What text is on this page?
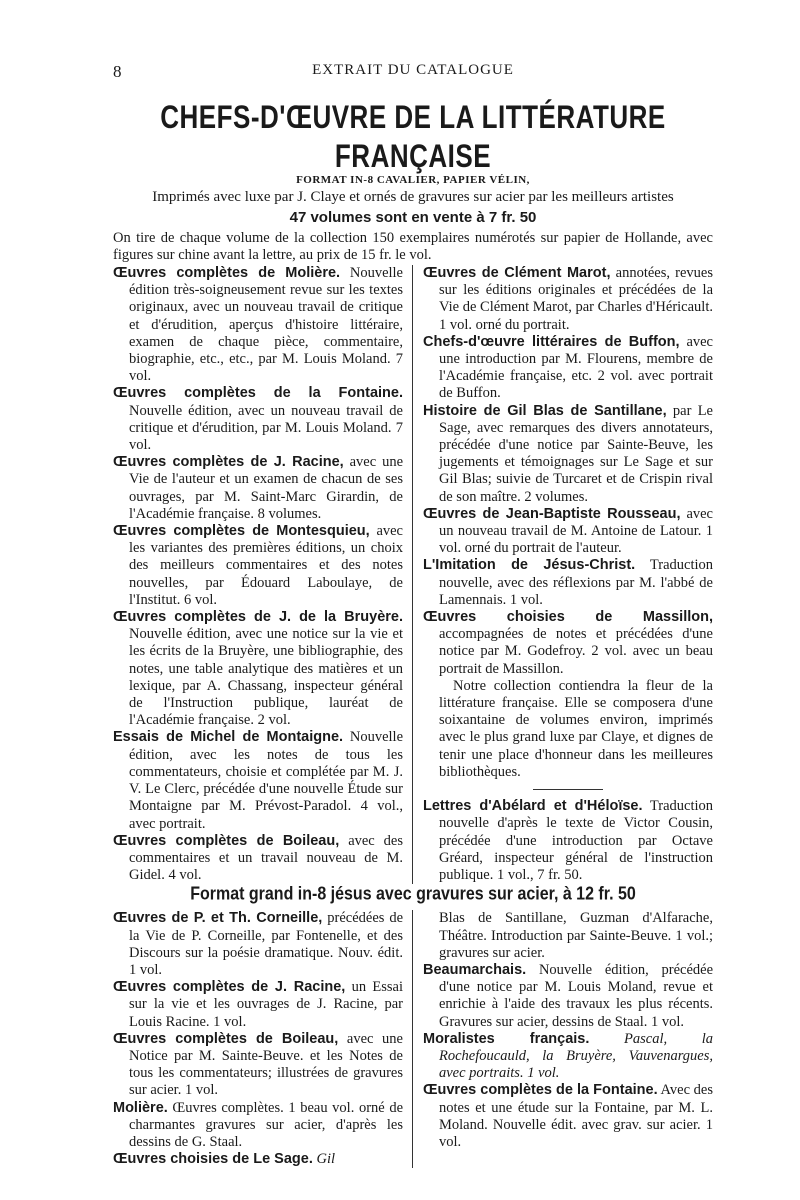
8	EXTRAIT DU CATALOGUE
CHEFS-D'ŒUVRE DE LA LITTÉRATURE FRANÇAISE
FORMAT IN-8 CAVALIER, PAPIER VÉLIN,
Imprimés avec luxe par J. Claye et ornés de gravures sur acier par les meilleurs artistes
47 volumes sont en vente à 7 fr. 50
On tire de chaque volume de la collection 150 exemplaires numérotés sur papier de Hollande, avec figures sur chine avant la lettre, au prix de 15 fr. le vol.

Œuvres complètes de Molière. Nouvelle édition très-soigneusement revue sur les textes originaux, avec un nouveau travail de critique et d'érudition, aperçus d'histoire littéraire, examen de chaque pièce, commentaire, biographie, etc., etc., par M. Louis Moland. 7 vol.

Œuvres complètes de la Fontaine. Nouvelle édition, avec un nouveau travail de critique et d'érudition, par M. Louis Moland. 7 vol.

Œuvres complètes de J. Racine, avec une Vie de l'auteur et un examen de chacun de ses ouvrages, par M. Saint-Marc Girardin, de l'Académie française. 8 volumes.

Œuvres complètes de Montesquieu, avec les variantes des premières éditions, un choix des meilleurs commentaires et des notes nouvelles, par Édouard Laboulaye, de l'Institut. 6 vol.

Œuvres complètes de J. de la Bruyère. Nouvelle édition, avec une notice sur la vie et les écrits de la Bruyère, une bibliographie, des notes, une table analytique des matières et un lexique, par A. Chassang, inspecteur général de l'Instruction publique, lauréat de l'Académie française. 2 vol.

Essais de Michel de Montaigne. Nouvelle édition, avec les notes de tous les commentateurs, choisie et complétée par M. J. V. Le Clerc, précédée d'une nouvelle Étude sur Montaigne par M. Prévost-Paradol. 4 vol., avec portrait.

Œuvres complètes de Boileau, avec des commentaires et un travail nouveau de M. Gidel. 4 vol.

Œuvres de Clément Marot, annotées, revues sur les éditions originales et précédées de la Vie de Clément Marot, par Charles d'Héricault. 1 vol. orné du portrait.

Chefs-d'œuvre littéraires de Buffon, avec une introduction par M. Flourens, membre de l'Académie française, etc. 2 vol. avec portrait de Buffon.

Histoire de Gil Blas de Santillane, par Le Sage, avec remarques des divers annotateurs, précédée d'une notice par Sainte-Beuve, les jugements et témoignages sur Le Sage et sur Gil Blas; suivie de Turcaret et de Crispin rival de son maître. 2 volumes.

Œuvres de Jean-Baptiste Rousseau, avec un nouveau travail de M. Antoine de Latour. 1 vol. orné du portrait de l'auteur.

L'Imitation de Jésus-Christ. Traduction nouvelle, avec des réflexions par M. l'abbé de Lamennais. 1 vol.

Œuvres choisies de Massillon, accompagnées de notes et précédées d'une notice par M. Godefroy. 2 vol. avec un beau portrait de Massillon.

Notre collection contiendra la fleur de la littérature française. Elle se composera d'une soixantaine de volumes environ, imprimés avec le plus grand luxe par Claye, et dignes de tenir une place d'honneur dans les meilleures bibliothèques.

Lettres d'Abélard et d'Héloïse. Traduction nouvelle d'après le texte de Victor Cousin, précédée d'une introduction par Octave Gréard, inspecteur général de l'instruction publique. 1 vol., 7 fr. 50.

Format grand in-8 jésus avec gravures sur acier, à 12 fr. 50

Œuvres de P. et Th. Corneille, précédées de la Vie de P. Corneille, par Fontenelle, et des Discours sur la poésie dramatique. Nouv. édit. 1 vol.

Œuvres complètes de J. Racine, un Essai sur la vie et les ouvrages de J. Racine, par Louis Racine. 1 vol.

Œuvres complètes de Boileau, avec une Notice par M. Sainte-Beuve. et les Notes de tous les commentateurs; illustrées de gravures sur acier. 1 vol.

Molière. Œuvres complètes. 1 beau vol. orné de charmantes gravures sur acier, d'après les dessins de G. Staal.

Œuvres choisies de Le Sage. Gil

Blas de Santillane, Guzman d'Alfarache, Théâtre. Introduction par Sainte-Beuve. 1 vol.; gravures sur acier.

Beaumarchais. Nouvelle édition, précédée d'une notice par M. Louis Moland, revue et enrichie à l'aide des travaux les plus récents. Gravures sur acier, dessins de Staal. 1 vol.

Moralistes français. Pascal, la Rochefoucauld, la Bruyère, Vauvenargues, avec portraits. 1 vol.

Œuvres complètes de la Fontaine. Avec des notes et une étude sur la Fontaine, par M. L. Moland. Nouvelle édit. avec grav. sur acier. 1 vol.
